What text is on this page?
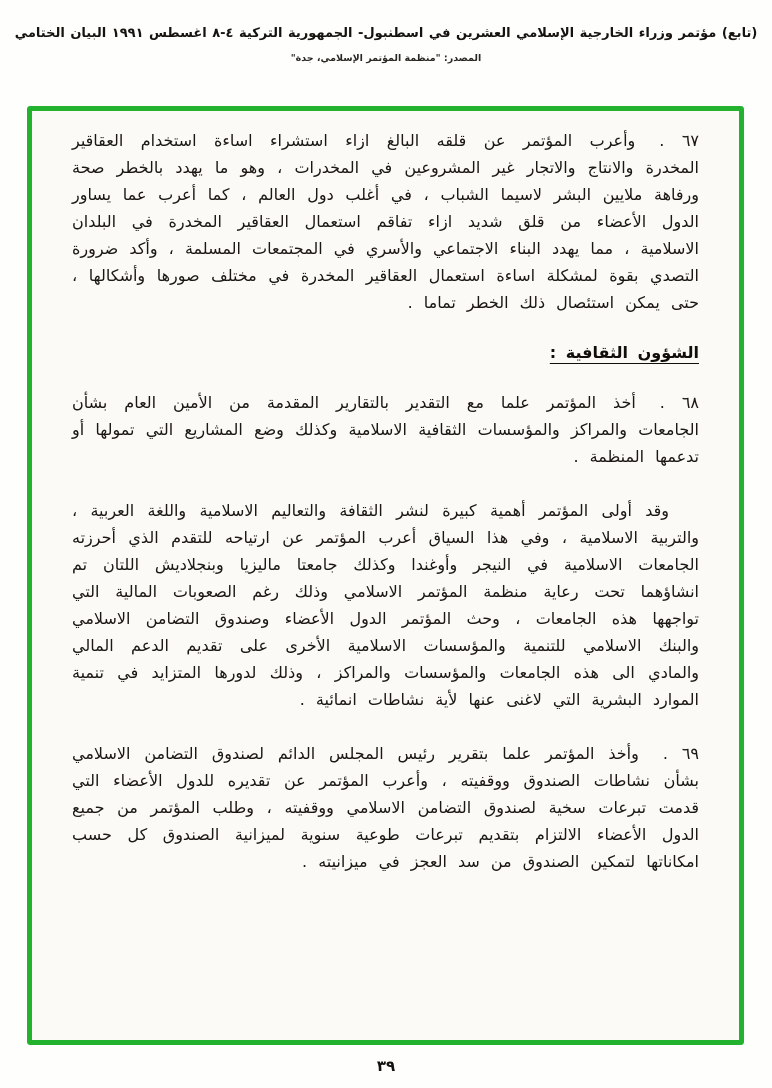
(تابع) مؤتمر وزراء الخارجية الإسلامي العشرين في اسطنبول- الجمهورية التركية ٤-٨ اغسطس ١٩٩١ البيان الختامي
المصدر: "منظمة المؤتمر الإسلامي، جدة"

٦٧ .وأعرب المؤتمر عن قلقه البالغ ازاء استشراء اساءة استخدام العقاقير المخدرة والانتاج والاتجار غير المشروعين في المخدرات ، وهو ما يهدد بالخطر صحة ورفاهة ملايين البشر لاسيما الشباب ، في أغلب دول العالم ، كما أعرب عما يساور الدول الأعضاء من قلق شديد ازاء تفاقم استعمال العقاقير المخدرة في البلدان الاسلامية ، مما يهدد البناء الاجتماعي والأسري في المجتمعات المسلمة ، وأكد ضرورة التصدي بقوة لمشكلة اساءة استعمال العقاقير المخدرة في مختلف صورها وأشكالها ، حتى يمكن استئصال ذلك الخطر تماما .

الشؤون الثقافية :

٦٨ .أخذ المؤتمر علما مع التقدير بالتقارير المقدمة من الأمين العام بشأن الجامعات والمراكز والمؤسسات الثقافية الاسلامية وكذلك وضع المشاريع التي تمولها أو تدعمها المنظمة .

وقد أولى المؤتمر أهمية كبيرة لنشر الثقافة والتعاليم الاسلامية واللغة العربية ، والتربية الاسلامية ، وفي هذا السياق أعرب المؤتمر عن ارتياحه للتقدم الذي أحرزته الجامعات الاسلامية في النيجر وأوغندا وكذلك جامعتا ماليزيا وبنجلاديش اللتان تم انشاؤهما تحت رعاية منظمة المؤتمر الاسلامي وذلك رغم الصعوبات المالية التي تواجهها هذه الجامعات ، وحث المؤتمر الدول الأعضاء وصندوق التضامن الاسلامي والبنك الاسلامي للتنمية والمؤسسات الاسلامية الأخرى على تقديم الدعم المالي والمادي الى هذه الجامعات والمؤسسات والمراكز ، وذلك لدورها المتزايد في تنمية الموارد البشرية التي لاغنى عنها لأية نشاطات انمائية .

٦٩ .وأخذ المؤتمر علما بتقرير رئيس المجلس الدائم لصندوق التضامن الاسلامي بشأن نشاطات الصندوق ووقفيته ، وأعرب المؤتمر عن تقديره للدول الأعضاء التي قدمت تبرعات سخية لصندوق التضامن الاسلامي ووقفيته ، وطلب المؤتمر من جميع الدول الأعضاء الالتزام بتقديم تبرعات طوعية سنوية لميزانية الصندوق كل حسب امكاناتها لتمكين الصندوق من سد العجز في ميزانيته .

٣٩
